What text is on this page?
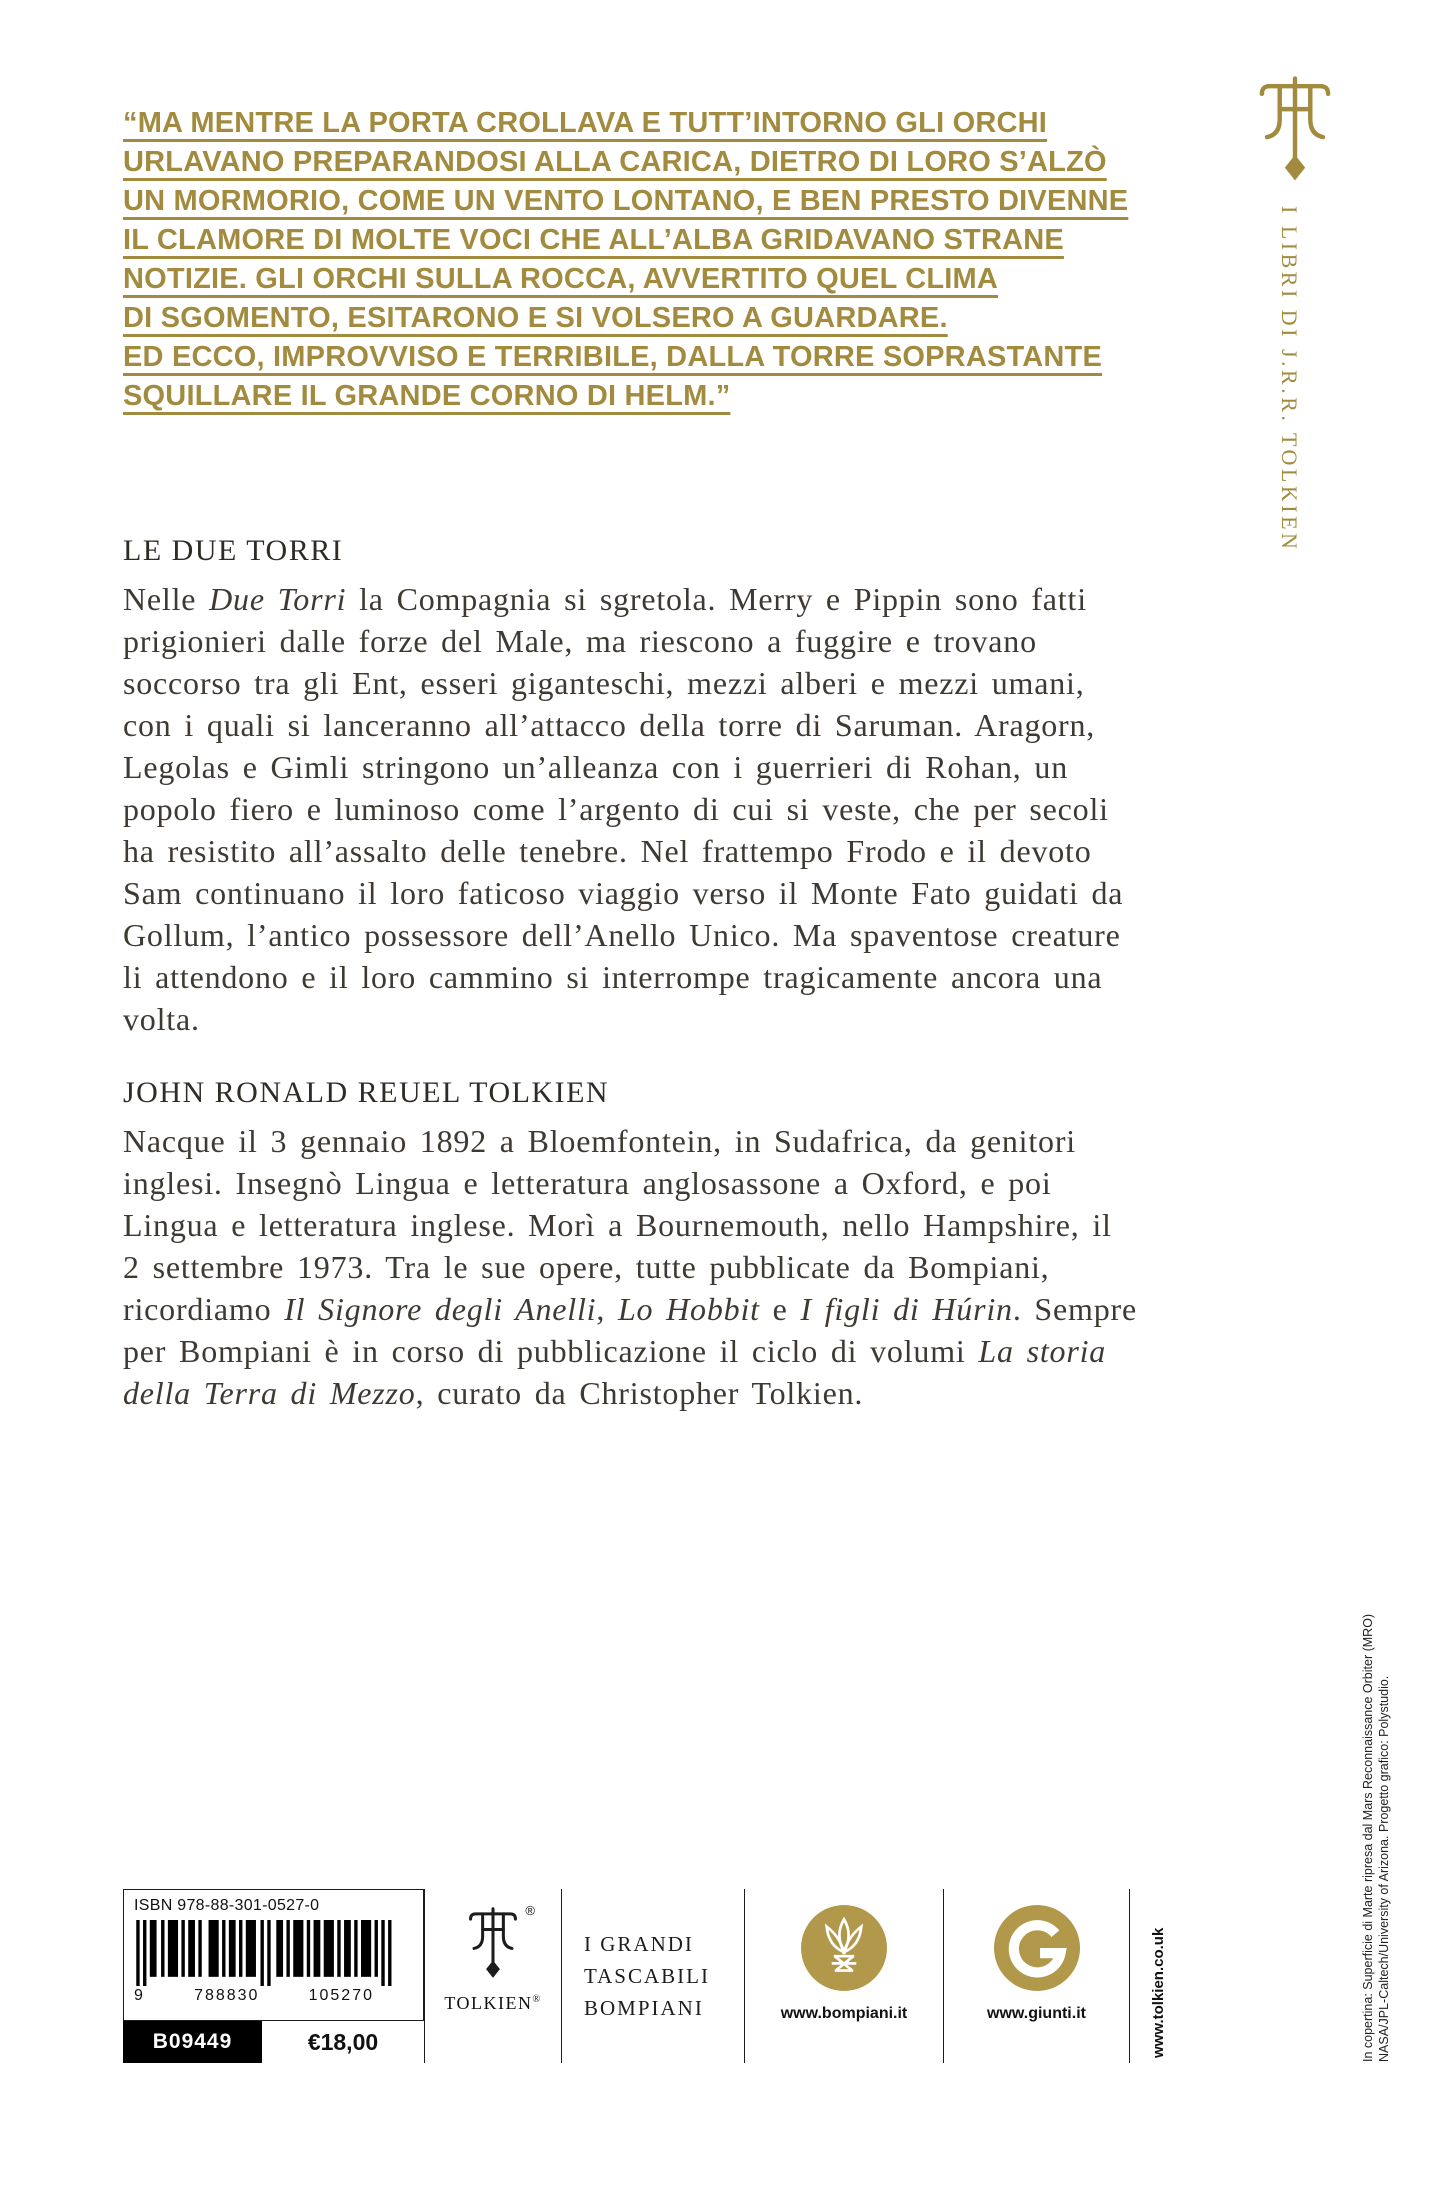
“MA MENTRE LA PORTA CROLLAVA E TUTT’INTORNO GLI ORCHI
URLAVANO PREPARANDOSI ALLA CARICA, DIETRO DI LORO S’ALZÒ
UN MORMORIO, COME UN VENTO LONTANO, E BEN PRESTO DIVENNE
IL CLAMORE DI MOLTE VOCI CHE ALL’ALBA GRIDAVANO STRANE
NOTIZIE. GLI ORCHI SULLA ROCCA, AVVERTITO QUEL CLIMA
DI SGOMENTO, ESITARONO E SI VOLSERO A GUARDARE.
ED ECCO, IMPROVVISO E TERRIBILE, DALLA TORRE SOPRASTANTE
SQUILLARE IL GRANDE CORNO DI HELM.”	I LIBRI DI J.R.R. TOLKIEN
LE DUE TORRI

Nelle Due Torri la Compagnia si sgretola. Merry e Pippin sono fatti prigionieri dalle forze del Male, ma riescono a fuggire e trovano soccorso tra gli Ent, esseri giganteschi, mezzi alberi e mezzi umani, con i quali si lanceranno all’attacco della torre di Saruman. Aragorn, Legolas e Gimli stringono un’alleanza con i guerrieri di Rohan, un popolo fiero e luminoso come l’argento di cui si veste, che per secoli ha resistito all’assalto delle tenebre. Nel frattempo Frodo e il devoto Sam continuano il loro faticoso viaggio verso il Monte Fato guidati da Gollum, l’antico possessore dell’Anello Unico. Ma spaventose creature li attendono e il loro cammino si interrompe tragicamente ancora una volta.

JOHN RONALD REUEL TOLKIEN

Nacque il 3 gennaio 1892 a Bloemfontein, in Sudafrica, da genitori inglesi. Insegnò Lingua e letteratura anglosassone a Oxford, e poi Lingua e letteratura inglese. Morì a Bournemouth, nello Hampshire, il 2 settembre 1973. Tra le sue opere, tutte pubblicate da Bompiani, ricordiamo Il Signore degli Anelli, Lo Hobbit e I figli di Húrin. Sempre per Bompiani è in corso di pubblicazione il ciclo di volumi La storia della Terra di Mezzo, curato da Christopher Tolkien.

ISBN 978-88-301-0527-0
9	788830	105270
B09449	€18,00
®
TOLKIEN®
I GRANDI
TASCABILI
BOMPIANI	www.bompiani.it	www.giunti.it	www.tolkien.co.uk	In copertina: Superficie di Marte ripresa dal Mars Reconnaissance Orbiter (MRO) NASA/JPL-Caltech/University of Arizona. Progetto grafico: Polystudio.
